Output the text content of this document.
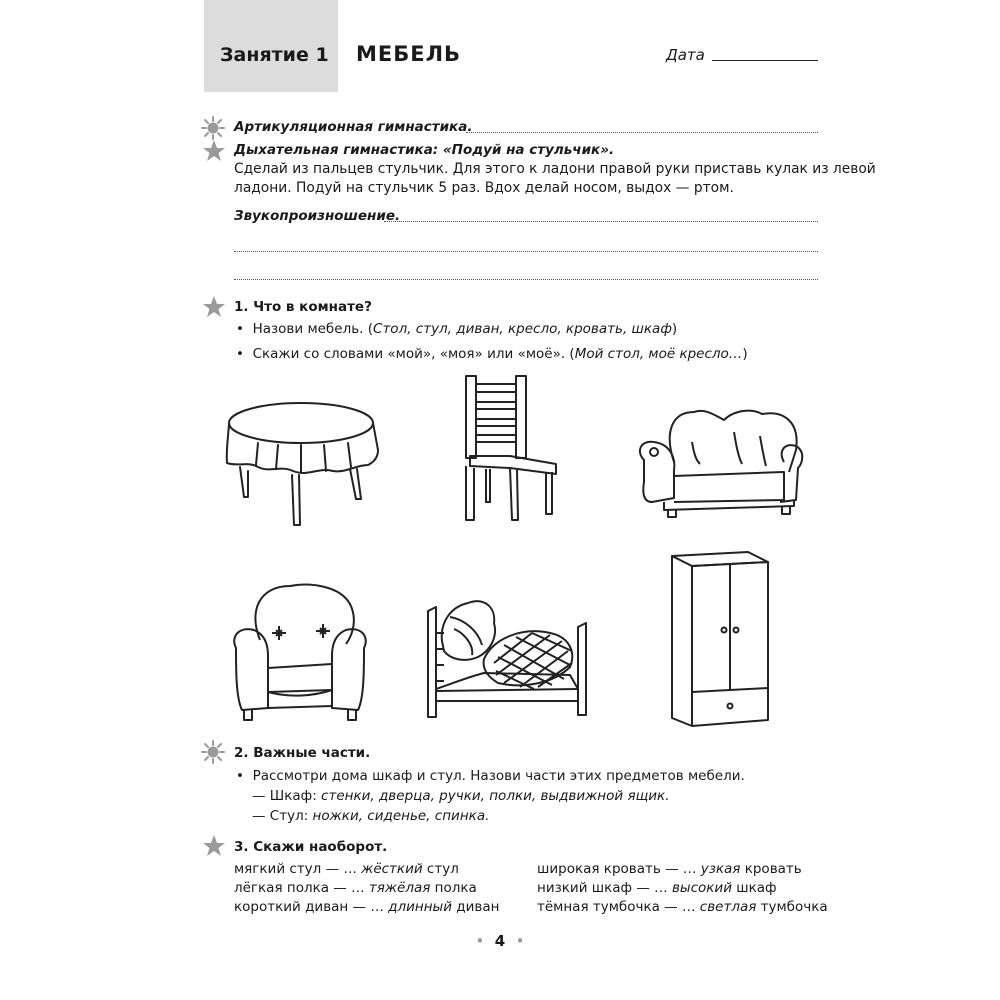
Занятие 1 МЕБЕЛЬ	Дата
Артикуляционная гимнастика.
Дыхательная гимнастика: «Подуй на стульчик».
Сделай из пальцев стульчик. Для этого к ладони правой руки приставь кулак из левой
ладони. Подуй на стульчик 5 раз. Вдох делай носом, выдох — ртом.
Звукопроизношение.
1. Что в комнате?
• Назови мебель. (Стол, стул, диван, кресло, кровать, шкаф)
• Скажи со словами «мой», «моя» или «моё». (Мой стол, моё кресло…)
2. Важные части.
• Рассмотри дома шкаф и стул. Назови части этих предметов мебели.
— Шкаф: стенки, дверца, ручки, полки, выдвижной ящик.
— Стул: ножки, сиденье, спинка.
3. Скажи наоборот.
мягкий стул — … жёсткий стул
лёгкая полка — … тяжёлая полка
короткий диван — … длинный диван
широкая кровать — … узкая кровать
низкий шкаф — … высокий шкаф
тёмная тумбочка — … светлая тумбочка
• 4 •
